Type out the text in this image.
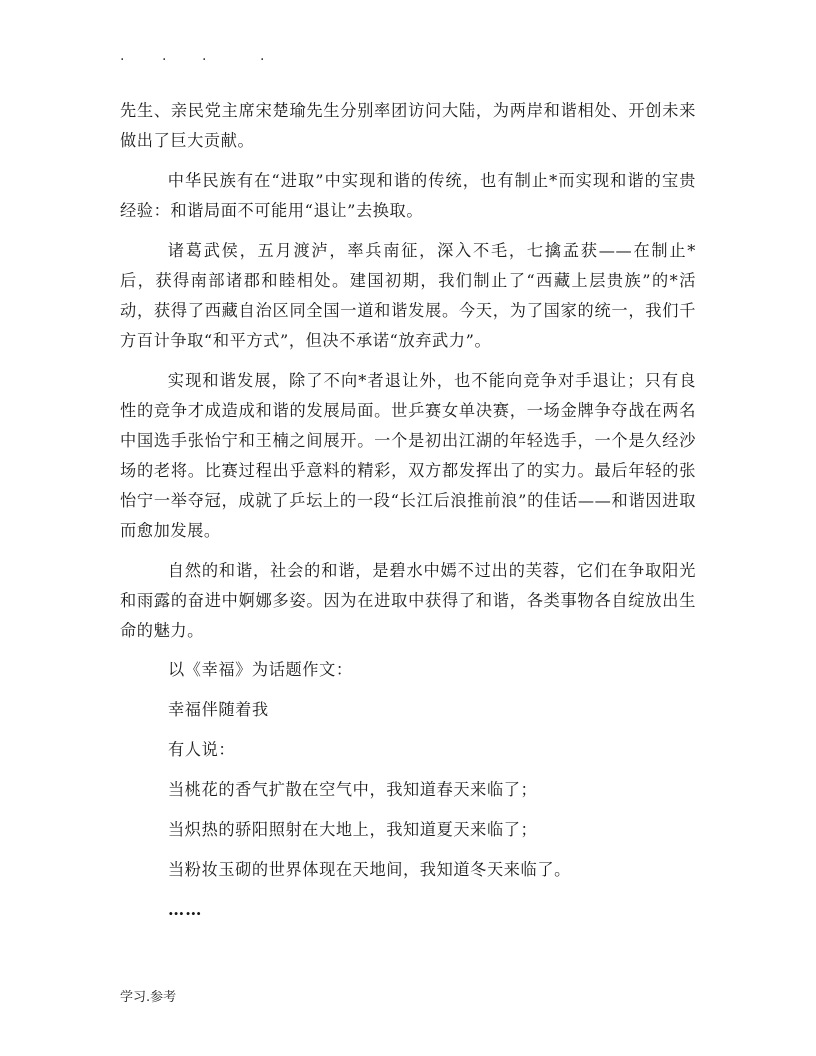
.	.	.	.

先生、亲民党主席宋楚瑜先生分别率团访问大陆，为两岸和谐相处、开创未来做出了巨大贡献。

中华民族有在“进取”中实现和谐的传统，也有制止*而实现和谐的宝贵经验：和谐局面不可能用“退让”去换取。

诸葛武侯，五月渡泸，率兵南征，深入不毛，七擒孟获——在制止*后，获得南部诸郡和睦相处。建国初期，我们制止了“西藏上层贵族”的*活动，获得了西藏自治区同全国一道和谐发展。今天，为了国家的统一，我们千方百计争取“和平方式”，但决不承诺“放弃武力”。

实现和谐发展，除了不向*者退让外，也不能向竞争对手退让；只有良性的竞争才成造成和谐的发展局面。世乒赛女单决赛，一场金牌争夺战在两名中国选手张怡宁和王楠之间展开。一个是初出江湖的年轻选手，一个是久经沙场的老将。比赛过程出乎意料的精彩，双方都发挥出了的实力。最后年轻的张怡宁一举夺冠，成就了乒坛上的一段“长江后浪推前浪”的佳话——和谐因进取而愈加发展。

自然的和谐，社会的和谐，是碧水中嫣不过出的芙蓉，它们在争取阳光和雨露的奋进中婀娜多姿。因为在进取中获得了和谐，各类事物各自绽放出生命的魅力。

以《幸福》为话题作文：

幸福伴随着我

有人说：

当桃花的香气扩散在空气中，我知道春天来临了；

当炽热的骄阳照射在大地上，我知道夏天来临了；

当粉妆玉砌的世界体现在天地间，我知道冬天来临了。

……

学习.参考
